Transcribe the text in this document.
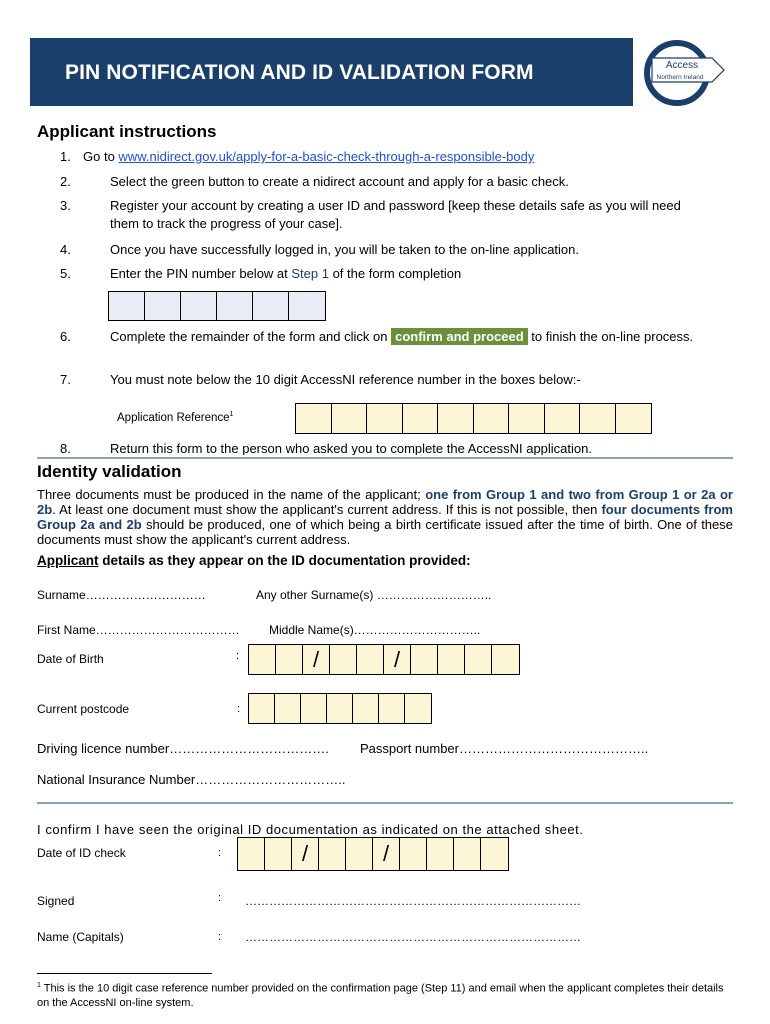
PIN NOTIFICATION AND ID VALIDATION FORM	Access
Northern Ireland
Applicant instructions
1. Go to www.nidirect.gov.uk/apply-for-a-basic-check-through-a-responsible-body
2.	Select the green button to create a nidirect account and apply for a basic check.
3.	Register your account by creating a user ID and password [keep these details safe as you will need them to track the progress of your case].
4.	Once you have successfully logged in, you will be taken to the on-line application.
5.	Enter the PIN number below at Step 1 of the form completion
6.	Complete the remainder of the form and click on confirm and proceed to finish the on-line process.
7.	You must note below the 10 digit AccessNI reference number in the boxes below:-
Application Reference$^1$
8.	Return this form to the person who asked you to complete the AccessNI application.
Identity validation
Three documents must be produced in the name of the applicant; one from Group 1 and two from Group 1 or 2a or 2b. At least one document must show the applicant's current address. If this is not possible, then four documents from Group 2a and 2b should be produced, one of which being a birth certificate issued after the time of birth. One of these documents must show the applicant's current address.
Applicant details as they appear on the ID documentation provided:
Surname…………………………	Any other Surname(s) ………………………..
First Name……………………………… Middle Name(s)…………………………..
Date of Birth	:	/	/
Current postcode	:
Driving licence number………………………………. Passport number……………………………………..
National Insurance Number……………………………..
I confirm I have seen the original ID documentation as indicated on the attached sheet.
Date of ID check	:	/	/
Signed	: …………………………………………………………………………
Name (Capitals)	: …………………………………………………………………………
$^1$ This is the 10 digit case reference number provided on the confirmation page (Step 11) and email when the applicant completes their details on the AccessNI on-line system.
